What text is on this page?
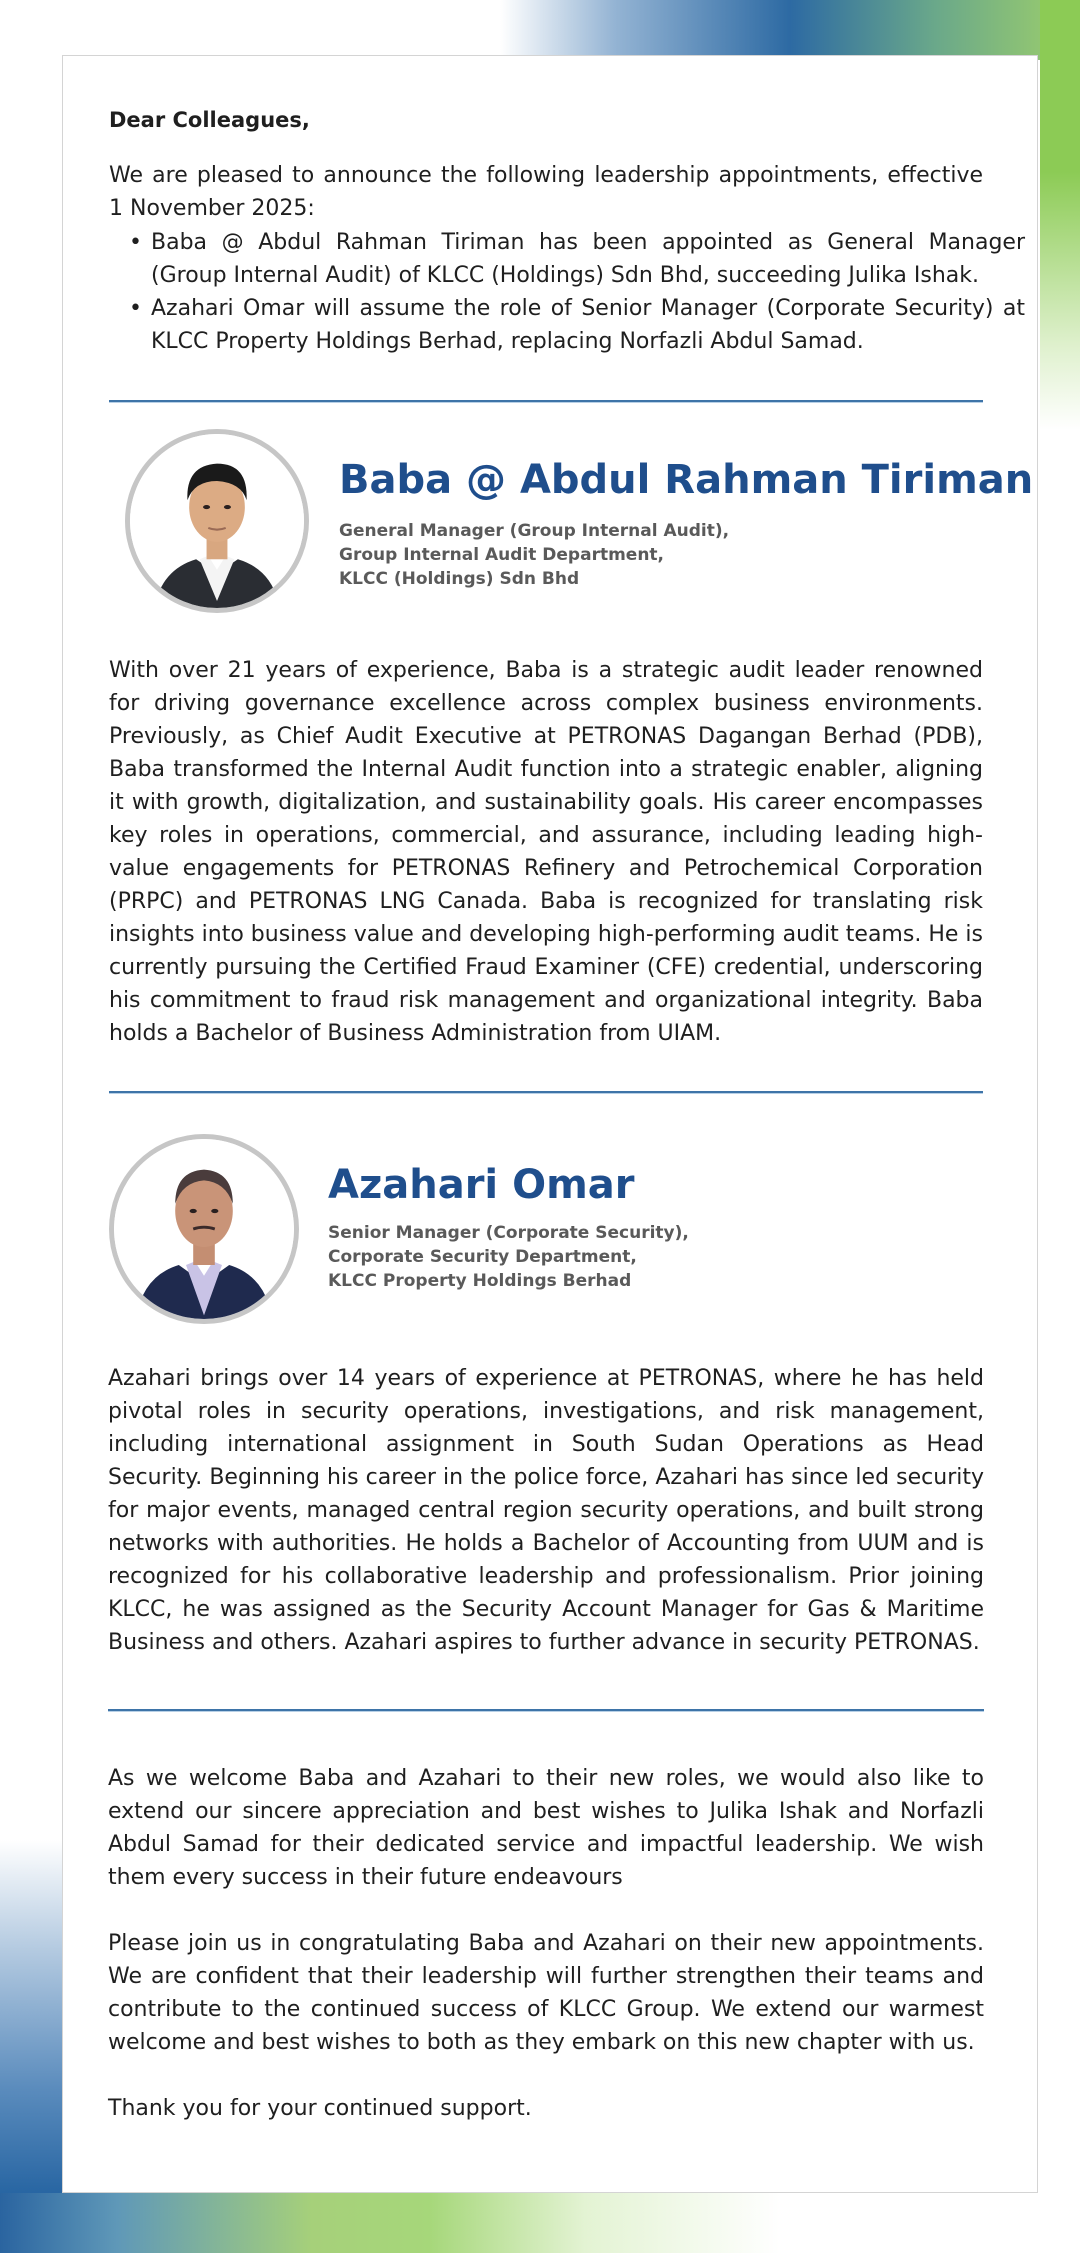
Dear Colleagues,
We are pleased to announce the following leadership appointments, effective 1 November 2025:
• Baba @ Abdul Rahman Tiriman has been appointed as General Manager (Group Internal Audit) of KLCC (Holdings) Sdn Bhd, succeeding Julika Ishak.
• Azahari Omar will assume the role of Senior Manager (Corporate Security) at KLCC Property Holdings Berhad, replacing Norfazli Abdul Samad.
Baba @ Abdul Rahman Tiriman
General Manager (Group Internal Audit),
Group Internal Audit Department,
KLCC (Holdings) Sdn Bhd
With over 21 years of experience, Baba is a strategic audit leader renowned for driving governance excellence across complex business environments. Previously, as Chief Audit Executive at PETRONAS Dagangan Berhad (PDB), Baba transformed the Internal Audit function into a strategic enabler, aligning it with growth, digitalization, and sustainability goals. His career encompasses key roles in operations, commercial, and assurance, including leading high-value engagements for PETRONAS Refinery and Petrochemical Corporation (PRPC) and PETRONAS LNG Canada. Baba is recognized for translating risk insights into business value and developing high-performing audit teams. He is currently pursuing the Certified Fraud Examiner (CFE) credential, underscoring his commitment to fraud risk management and organizational integrity. Baba holds a Bachelor of Business Administration from UIAM.
Azahari Omar
Senior Manager (Corporate Security),
Corporate Security Department,
KLCC Property Holdings Berhad
Azahari brings over 14 years of experience at PETRONAS, where he has held pivotal roles in security operations, investigations, and risk management, including international assignment in South Sudan Operations as Head Security. Beginning his career in the police force, Azahari has since led security for major events, managed central region security operations, and built strong networks with authorities. He holds a Bachelor of Accounting from UUM and is recognized for his collaborative leadership and professionalism. Prior joining KLCC, he was assigned as the Security Account Manager for Gas & Maritime Business and others. Azahari aspires to further advance in security PETRONAS.
As we welcome Baba and Azahari to their new roles, we would also like to extend our sincere appreciation and best wishes to Julika Ishak and Norfazli Abdul Samad for their dedicated service and impactful leadership. We wish them every success in their future endeavours
Please join us in congratulating Baba and Azahari on their new appointments. We are confident that their leadership will further strengthen their teams and contribute to the continued success of KLCC Group. We extend our warmest welcome and best wishes to both as they embark on this new chapter with us.
Thank you for your continued support.
